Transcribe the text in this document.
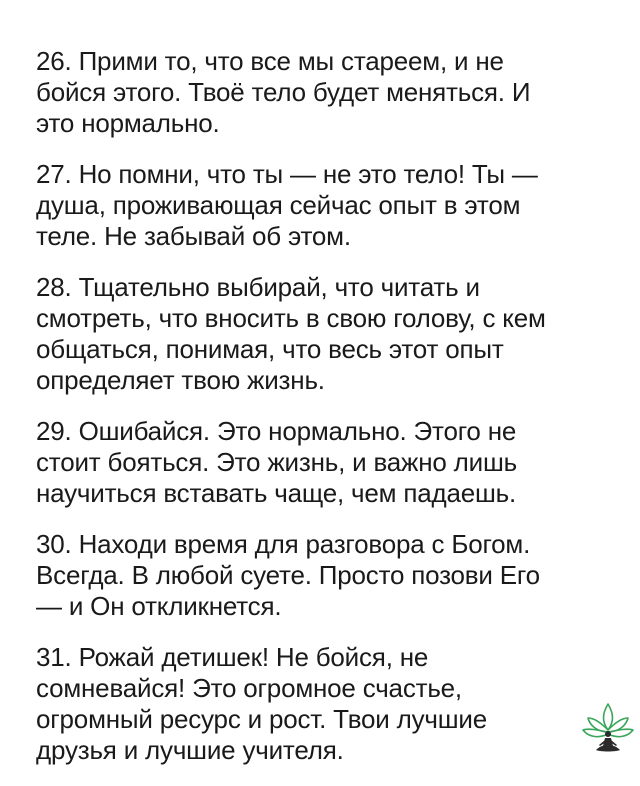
26. Прими то, что все мы стареем, и не
бойся этого. Твоё тело будет меняться. И
это нормально.
27. Но помни, что ты — не это тело! Ты —
душа, проживающая сейчас опыт в этом
теле. Не забывай об этом.
28. Тщательно выбирай, что читать и
смотреть, что вносить в свою голову, с кем
общаться, понимая, что весь этот опыт
определяет твою жизнь.
29. Ошибайся. Это нормально. Этого не
стоит бояться. Это жизнь, и важно лишь
научиться вставать чаще, чем падаешь.
30. Находи время для разговора с Богом.
Всегда. В любой суете. Просто позови Его
— и Он откликнется.
31. Рожай детишек! Не бойся, не
сомневайся! Это огромное счастье,
огромный ресурс и рост. Твои лучшие
друзья и лучшие учителя.
